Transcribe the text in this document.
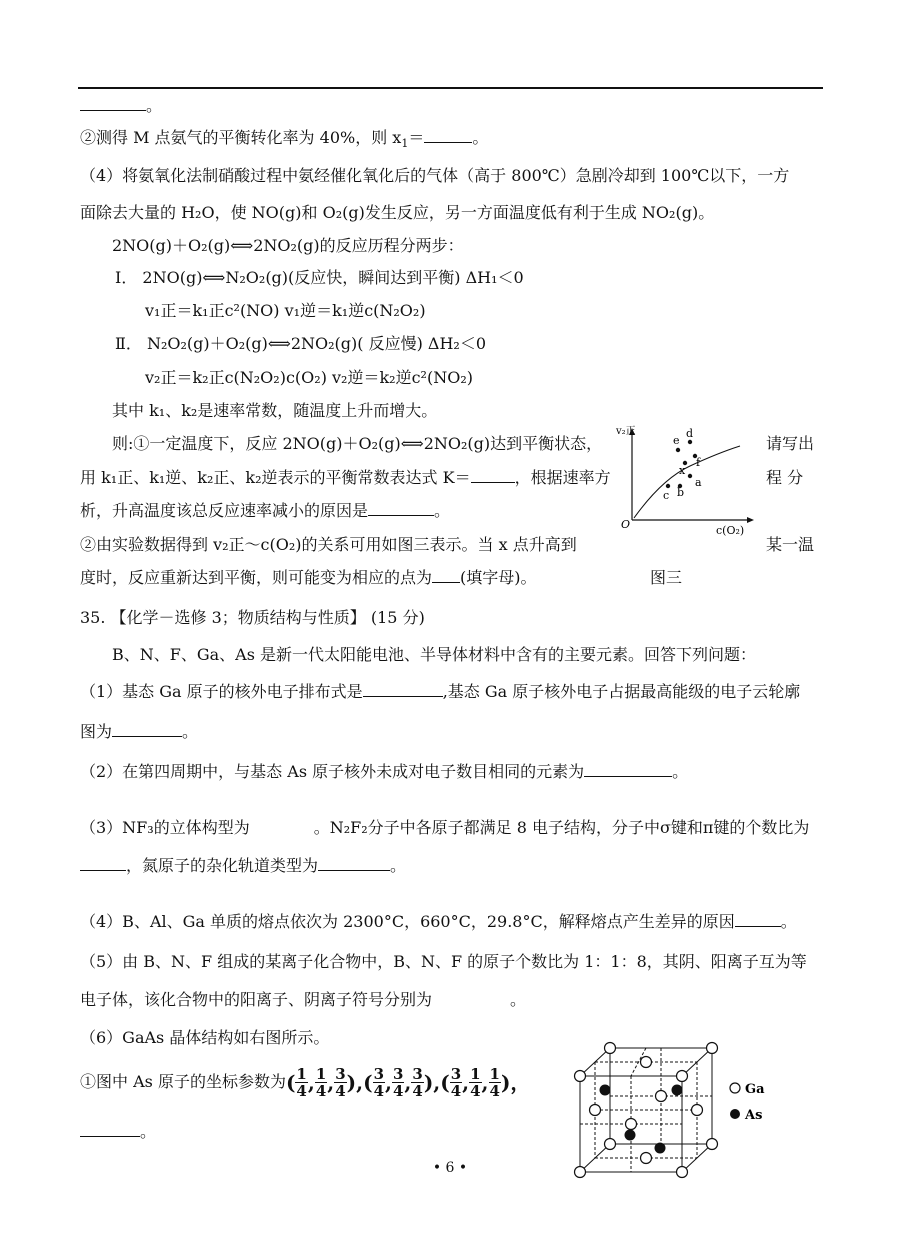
。
②测得 M 点氨气的平衡转化率为 40%，则 $x_1=$	。
（4）将氨氧化法制硝酸过程中氨经催化氧化后的气体（高于 800℃）急剧冷却到 100℃以下，一方
面除去大量的 H₂O，使 NO(g)和 O₂(g)发生反应，另一方面温度低有利于生成 NO₂(g)。
2NO(g)＋O₂(g)⟺2NO₂(g)的反应历程分两步：
Ⅰ． 2NO(g)⟺N₂O₂(g)(反应快，瞬间达到平衡) ΔH₁＜0
v₁正＝k₁正c²(NO) v₁逆＝k₁逆c(N₂O₂)
Ⅱ． N₂O₂(g)＋O₂(g)⟺2NO₂(g)( 反应慢) ΔH₂＜0
v₂正＝k₂正c(N₂O₂)c(O₂) v₂逆＝k₂逆c²(NO₂)
其中 k₁、k₂是速率常数，随温度上升而增大。
则:①一定温度下，反应 2NO(g)＋O₂(g)⟺2NO₂(g)达到平衡状态，	请写出
用 k₁正、k₁逆、k₂正、k₂逆表示的平衡常数表达式 K＝	，根据速率方	程 分
析，升高温度该总反应速率减小的原因是	。
②由实验数据得到 v₂正～c(O₂)的关系可用如图三表示。当 x 点升高到	某一温
度时，反应重新达到平衡，则可能变为相应的点为 (填字母)。	图三
v₂正
c(O₂)
O
e
d
f
x
a
c b
35. 【化学－选修 3；物质结构与性质】 (15 分)
B、N、F、Ga、As 是新一代太阳能电池、半导体材料中含有的主要元素。回答下列问题：
（1）基态 Ga 原子的核外电子排布式是	,基态 Ga 原子核外电子占据最高能级的电子云轮廓
图为	。
（2）在第四周期中，与基态 As 原子核外未成对电子数目相同的元素为	。
（3）NF₃的立体构型为	。N₂F₂分子中各原子都满足 8 电子结构，分子中σ键和π键的个数比为
，氮原子的杂化轨道类型为	。
（4）B、Al、Ga 单质的熔点依次为 2300°C，660°C，29.8°C，解释熔点产生差异的原因	。
（5）由 B、N、F 组成的某离子化合物中，B、N、F 的原子个数比为 1：1：8，其阴、阳离子互为等
电子体，该化合物中的阳离子、阴离子符号分别为	。
（6）GaAs 晶体结构如右图所示。
①图中 As 原子的坐标参数为( $\frac{1}{4}$ , $\frac{1}{4}$ , $\frac{3}{4}$ ),( $\frac{3}{4}$ , $\frac{3}{4}$ , $\frac{3}{4}$ ),( $\frac{3}{4}$ , $\frac{1}{4}$ , $\frac{1}{4}$ )，
。
Ga
As
• 6 •
